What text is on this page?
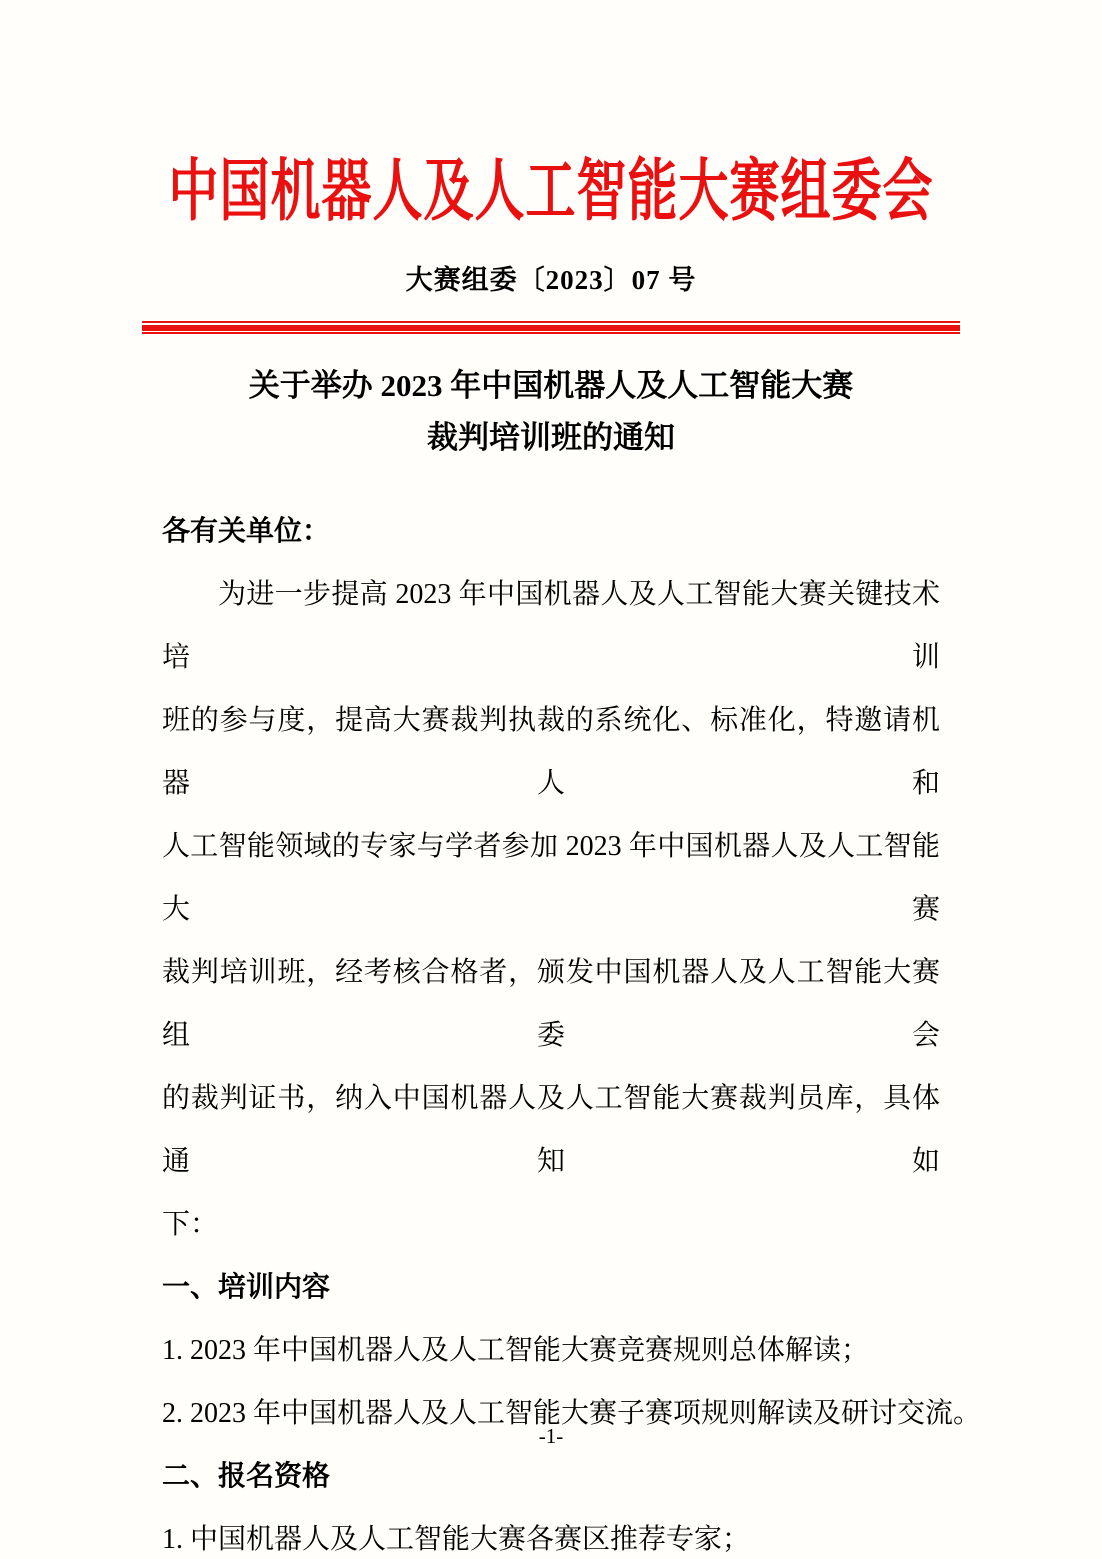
中国机器人及人工智能大赛组委会
大赛组委〔2023〕07 号
关于举办 2023 年中国机器人及人工智能大赛
裁判培训班的通知
各有关单位：
为进一步提高 2023 年中国机器人及人工智能大赛关键技术培训
班的参与度，提高大赛裁判执裁的系统化、标准化，特邀请机器人和
人工智能领域的专家与学者参加 2023 年中国机器人及人工智能大赛
裁判培训班，经考核合格者，颁发中国机器人及人工智能大赛组委会
的裁判证书，纳入中国机器人及人工智能大赛裁判员库，具体通知如
下：
一、培训内容
1. 2023 年中国机器人及人工智能大赛竞赛规则总体解读；
2. 2023 年中国机器人及人工智能大赛子赛项规则解读及研讨交流。
二、报名资格
1. 中国机器人及人工智能大赛各赛区推荐专家；
-1-
